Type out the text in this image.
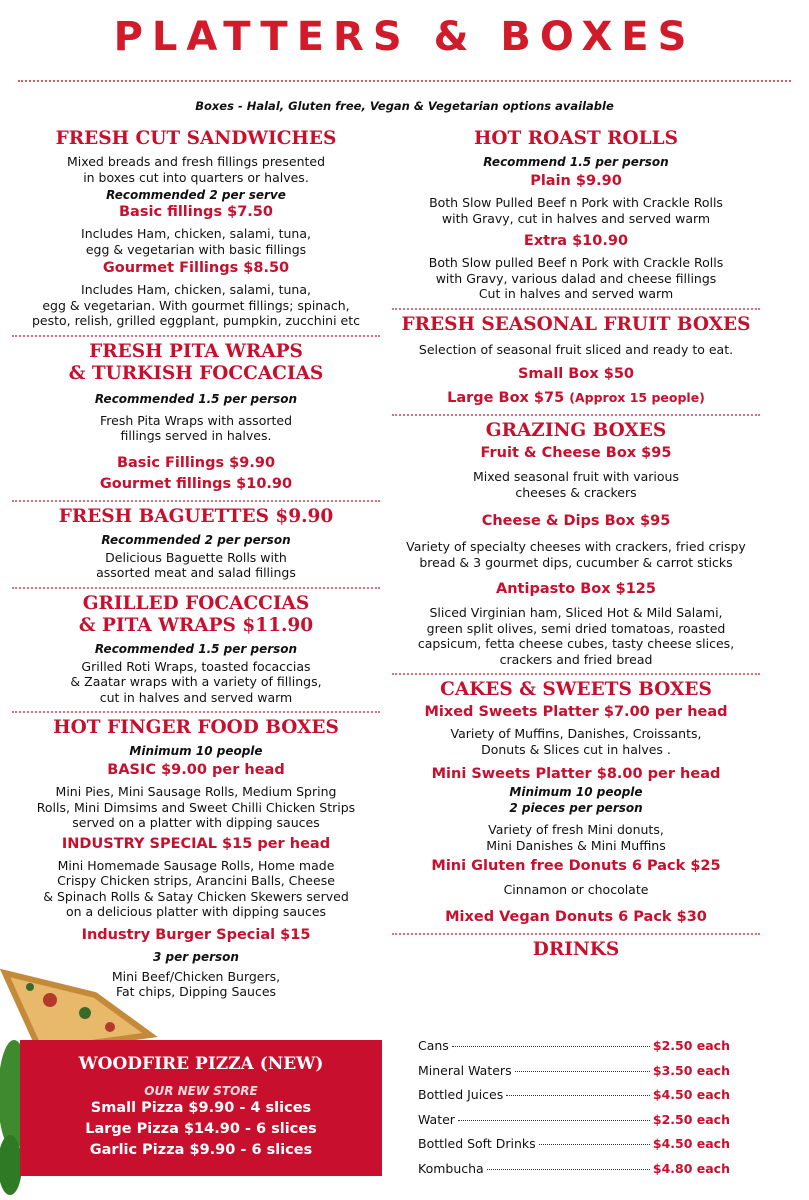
PLATTERS & BOXES
Boxes - Halal, Gluten free, Vegan & Vegetarian options available
FRESH CUT SANDWICHES
Mixed breads and fresh fillings presented
in boxes cut into quarters or halves.
Recommended 2 per serve
Basic fillings $7.50
Includes Ham, chicken, salami, tuna,
egg & vegetarian with basic fillings
Gourmet Fillings $8.50
Includes Ham, chicken, salami, tuna,
egg & vegetarian. With gourmet fillings; spinach,
pesto, relish, grilled eggplant, pumpkin, zucchini etc
FRESH PITA WRAPS
& TURKISH FOCCACIAS
Recommended 1.5 per person
Fresh Pita Wraps with assorted
fillings served in halves.
Basic Fillings $9.90
Gourmet fillings $10.90
FRESH BAGUETTES $9.90
Recommended 2 per person
Delicious Baguette Rolls with
assorted meat and salad fillings
GRILLED FOCACCIAS
& PITA WRAPS $11.90
Recommended 1.5 per person
Grilled Roti Wraps, toasted focaccias
& Zaatar wraps with a variety of fillings,
cut in halves and served warm
HOT FINGER FOOD BOXES
Minimum 10 people
BASIC $9.00 per head
Mini Pies, Mini Sausage Rolls, Medium Spring
Rolls, Mini Dimsims and Sweet Chilli Chicken Strips
served on a platter with dipping sauces
INDUSTRY SPECIAL $15 per head
Mini Homemade Sausage Rolls, Home made
Crispy Chicken strips, Arancini Balls, Cheese
& Spinach Rolls & Satay Chicken Skewers served
on a delicious platter with dipping sauces
Industry Burger Special $15
3 per person
Mini Beef/Chicken Burgers,
Fat chips, Dipping Sauces
WOODFIRE PIZZA (NEW)
OUR NEW STORE
Small Pizza $9.90 - 4 slices
Large Pizza $14.90 - 6 slices
Garlic Pizza $9.90 - 6 slices
HOT ROAST ROLLS
Recommend 1.5 per person
Plain $9.90
Both Slow Pulled Beef n Pork with Crackle Rolls
with Gravy, cut in halves and served warm
Extra $10.90
Both Slow pulled Beef n Pork with Crackle Rolls
with Gravy, various dalad and cheese fillings
Cut in halves and served warm
FRESH SEASONAL FRUIT BOXES
Selection of seasonal fruit sliced and ready to eat.
Small Box $50
Large Box $75 (Approx 15 people)
GRAZING BOXES
Fruit & Cheese Box $95
Mixed seasonal fruit with various
cheeses & crackers
Cheese & Dips Box $95
Variety of specialty cheeses with crackers, fried crispy
bread & 3 gourmet dips, cucumber & carrot sticks
Antipasto Box $125
Sliced Virginian ham, Sliced Hot & Mild Salami,
green split olives, semi dried tomatoas, roasted
capsicum, fetta cheese cubes, tasty cheese slices,
crackers and fried bread
CAKES & SWEETS BOXES
Mixed Sweets Platter $7.00 per head
Variety of Muffins, Danishes, Croissants,
Donuts & Slices cut in halves .
Mini Sweets Platter $8.00 per head
Minimum 10 people
2 pieces per person
Variety of fresh Mini donuts,
Mini Danishes & Mini Muffins
Mini Gluten free Donuts 6 Pack $25
Cinnamon or chocolate
Mixed Vegan Donuts 6 Pack $30
DRINKS
Cans	$2.50 each
Mineral Waters	$3.50 each
Bottled Juices	$4.50 each
Water	$2.50 each
Bottled Soft Drinks	$4.50 each
Kombucha	$4.80 each
